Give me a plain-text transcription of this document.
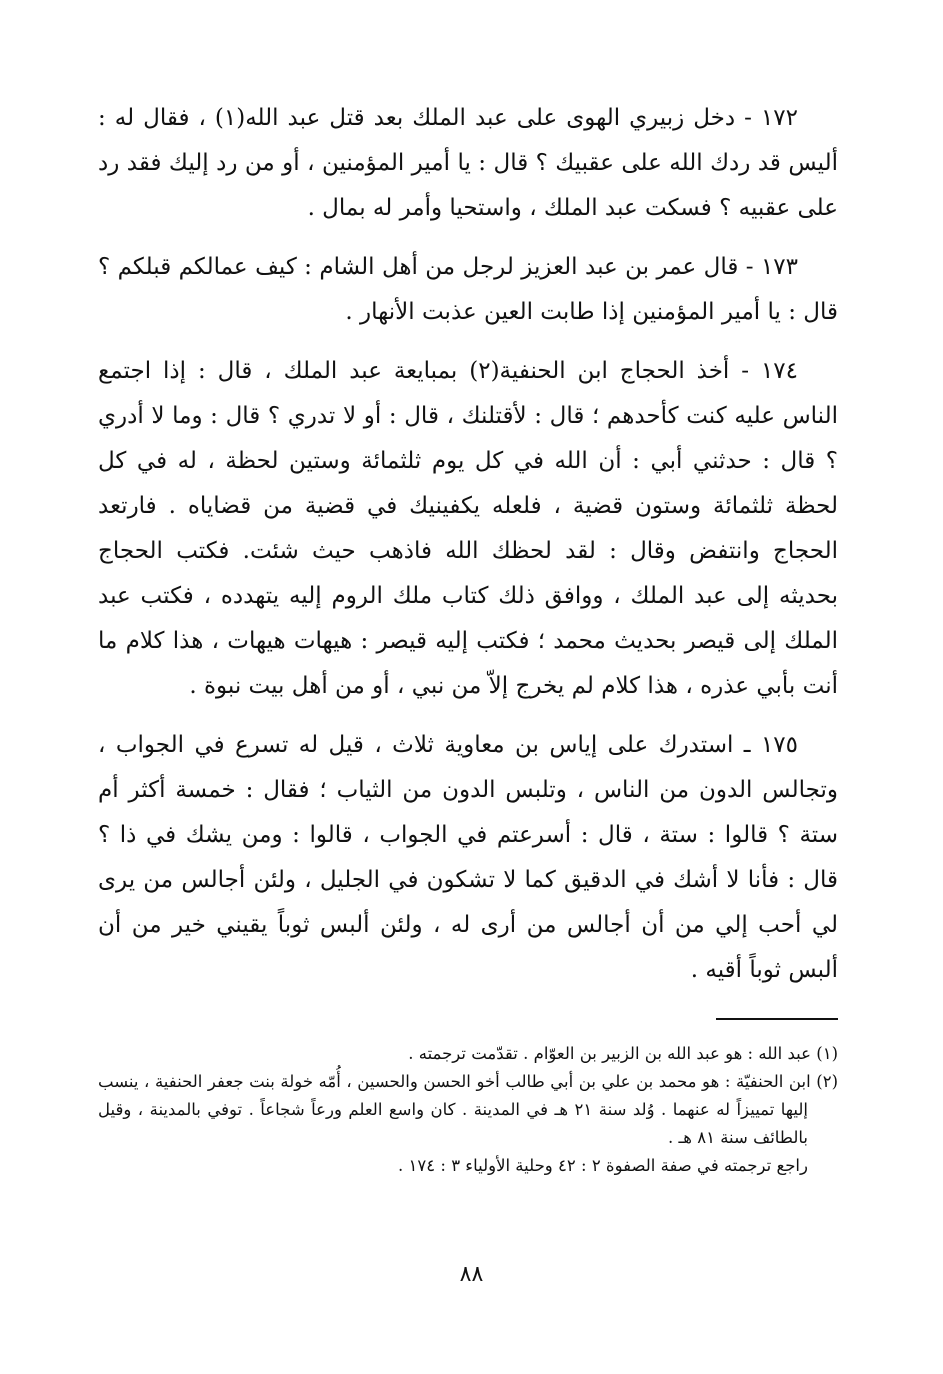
١٧٢ - دخل زبيري الهوى على عبد الملك بعد قتل عبد الله(١) ، فقال له : أليس قد ردك الله على عقبيك ؟ قال : يا أمير المؤمنين ، أو من رد إليك فقد رد على عقبيه ؟ فسكت عبد الملك ، واستحيا وأمر له بمال .

١٧٣ - قال عمر بن عبد العزيز لرجل من أهل الشام : كيف عمالكم قبلكم ؟ قال : يا أمير المؤمنين إذا طابت العين عذبت الأنهار .

١٧٤ - أخذ الحجاج ابن الحنفية(٢) بمبايعة عبد الملك ، قال : إذا اجتمع الناس عليه كنت كأحدهم ؛ قال : لأقتلنك ، قال : أو لا تدري ؟ قال : وما لا أدري ؟ قال : حدثني أبي : أن الله في كل يوم ثلثمائة وستين لحظة ، له في كل لحظة ثلثمائة وستون قضية ، فلعله يكفينيك في قضية من قضاياه . فارتعد الحجاج وانتفض وقال : لقد لحظك الله فاذهب حيث شئت. فكتب الحجاج بحديثه إلى عبد الملك ، ووافق ذلك كتاب ملك الروم إليه يتهدده ، فكتب عبد الملك إلى قيصر بحديث محمد ؛ فكتب إليه قيصر : هيهات هيهات ، هذا كلام ما أنت بأبي عذره ، هذا كلام لم يخرج إلاّ من نبي ، أو من أهل بيت نبوة .

١٧٥ ـ استدرك على إياس بن معاوية ثلاث ، قيل له تسرع في الجواب ، وتجالس الدون من الناس ، وتلبس الدون من الثياب ؛ فقال : خمسة أكثر أم ستة ؟ قالوا : ستة ، قال : أسرعتم في الجواب ، قالوا : ومن يشك في ذا ؟ قال : فأنا لا أشك في الدقيق كما لا تشكون في الجليل ، ولئن أجالس من يرى لي أحب إلي من أن أجالس من أرى له ، ولئن ألبس ثوباً يقيني خير من أن ألبس ثوباً أقيه .

(١) عبد الله : هو عبد الله بن الزبير بن العوّام . تقدّمت ترجمته .

(٢) ابن الحنفيّة : هو محمد بن علي بن أبي طالب أخو الحسن والحسين ، أُمّه خولة بنت جعفر الحنفية ، ينسب إليها تمييزاً له عنهما . وُلد سنة ٢١ هـ في المدينة . كان واسع العلم ورعاً شجاعاً . توفي بالمدينة ، وقيل بالطائف سنة ٨١ هـ .

راجع ترجمته في صفة الصفوة ٢ : ٤٢ وحلية الأولياء ٣ : ١٧٤ .

٨٨
